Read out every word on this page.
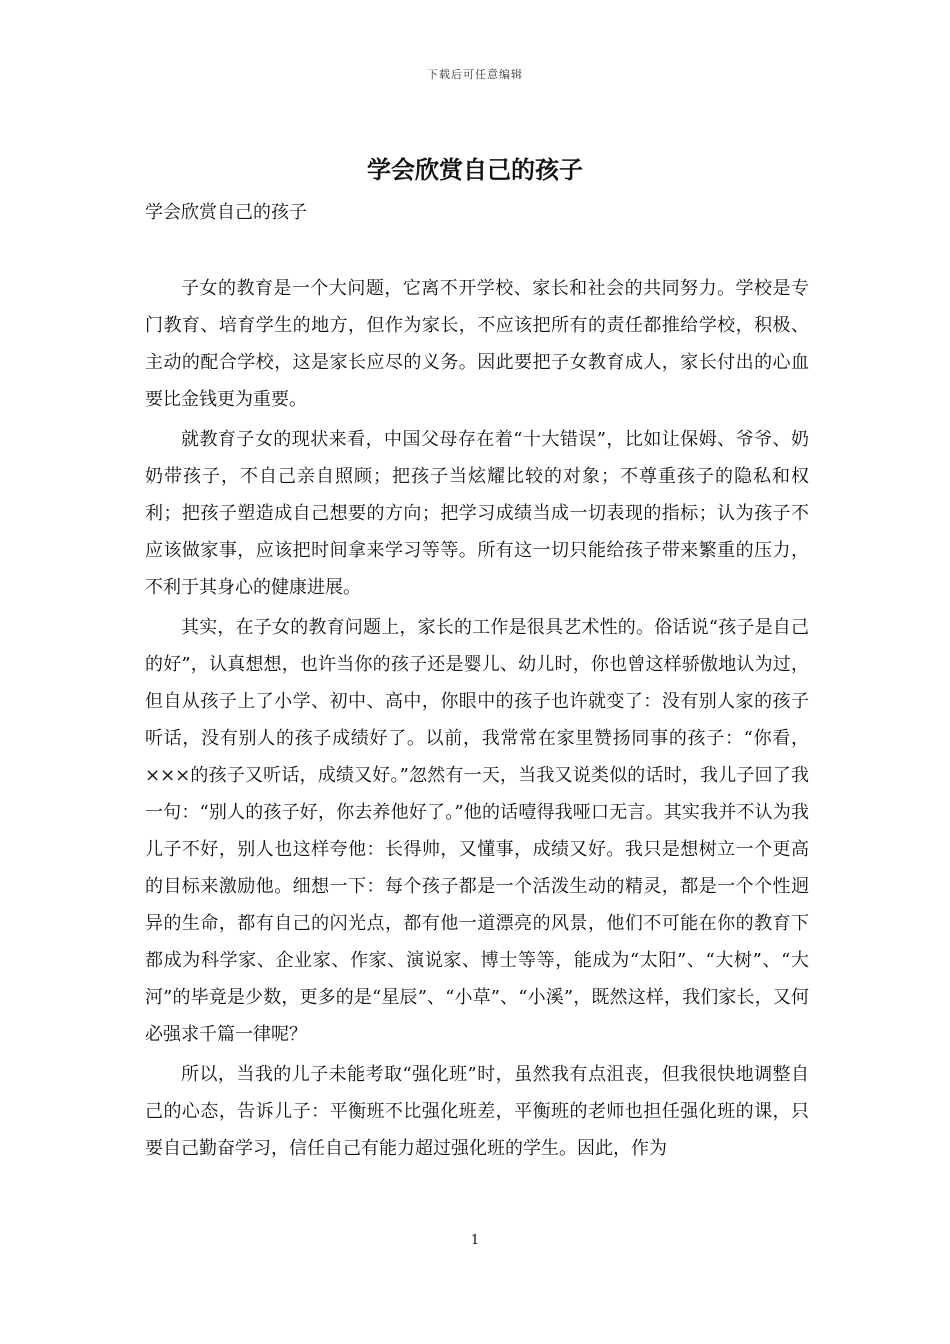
下载后可任意编辑
学会欣赏自己的孩子
学会欣赏自己的孩子

子女的教育是一个大问题，它离不开学校、家长和社会的共同努力。学校是专门教育、培育学生的地方，但作为家长，不应该把所有的责任都推给学校，积极、主动的配合学校，这是家长应尽的义务。因此要把子女教育成人，家长付出的心血要比金钱更为重要。

就教育子女的现状来看，中国父母存在着“十大错误”，比如让保姆、爷爷、奶奶带孩子，不自己亲自照顾；把孩子当炫耀比较的对象；不尊重孩子的隐私和权利；把孩子塑造成自己想要的方向；把学习成绩当成一切表现的指标；认为孩子不应该做家事，应该把时间拿来学习等等。所有这一切只能给孩子带来繁重的压力，不利于其身心的健康进展。

其实，在子女的教育问题上，家长的工作是很具艺术性的。俗话说“孩子是自己的好”，认真想想，也许当你的孩子还是婴儿、幼儿时，你也曾这样骄傲地认为过，但自从孩子上了小学、初中、高中，你眼中的孩子也许就变了：没有别人家的孩子听话，没有别人的孩子成绩好了。以前，我常常在家里赞扬同事的孩子：“你看，×××的孩子又听话，成绩又好。”忽然有一天，当我又说类似的话时，我儿子回了我一句：“别人的孩子好，你去养他好了。”他的话噎得我哑口无言。其实我并不认为我儿子不好，别人也这样夸他：长得帅，又懂事，成绩又好。我只是想树立一个更高的目标来激励他。细想一下：每个孩子都是一个活泼生动的精灵，都是一个个性迥异的生命，都有自己的闪光点，都有他一道漂亮的风景，他们不可能在你的教育下都成为科学家、企业家、作家、演说家、博士等等，能成为“太阳”、“大树”、“大河”的毕竟是少数，更多的是“星辰”、“小草”、“小溪”，既然这样，我们家长，又何必强求千篇一律呢？

所以，当我的儿子未能考取“强化班”时，虽然我有点沮丧，但我很快地调整自己的心态，告诉儿子：平衡班不比强化班差，平衡班的老师也担任强化班的课，只要自己勤奋学习，信任自己有能力超过强化班的学生。因此，作为

1
